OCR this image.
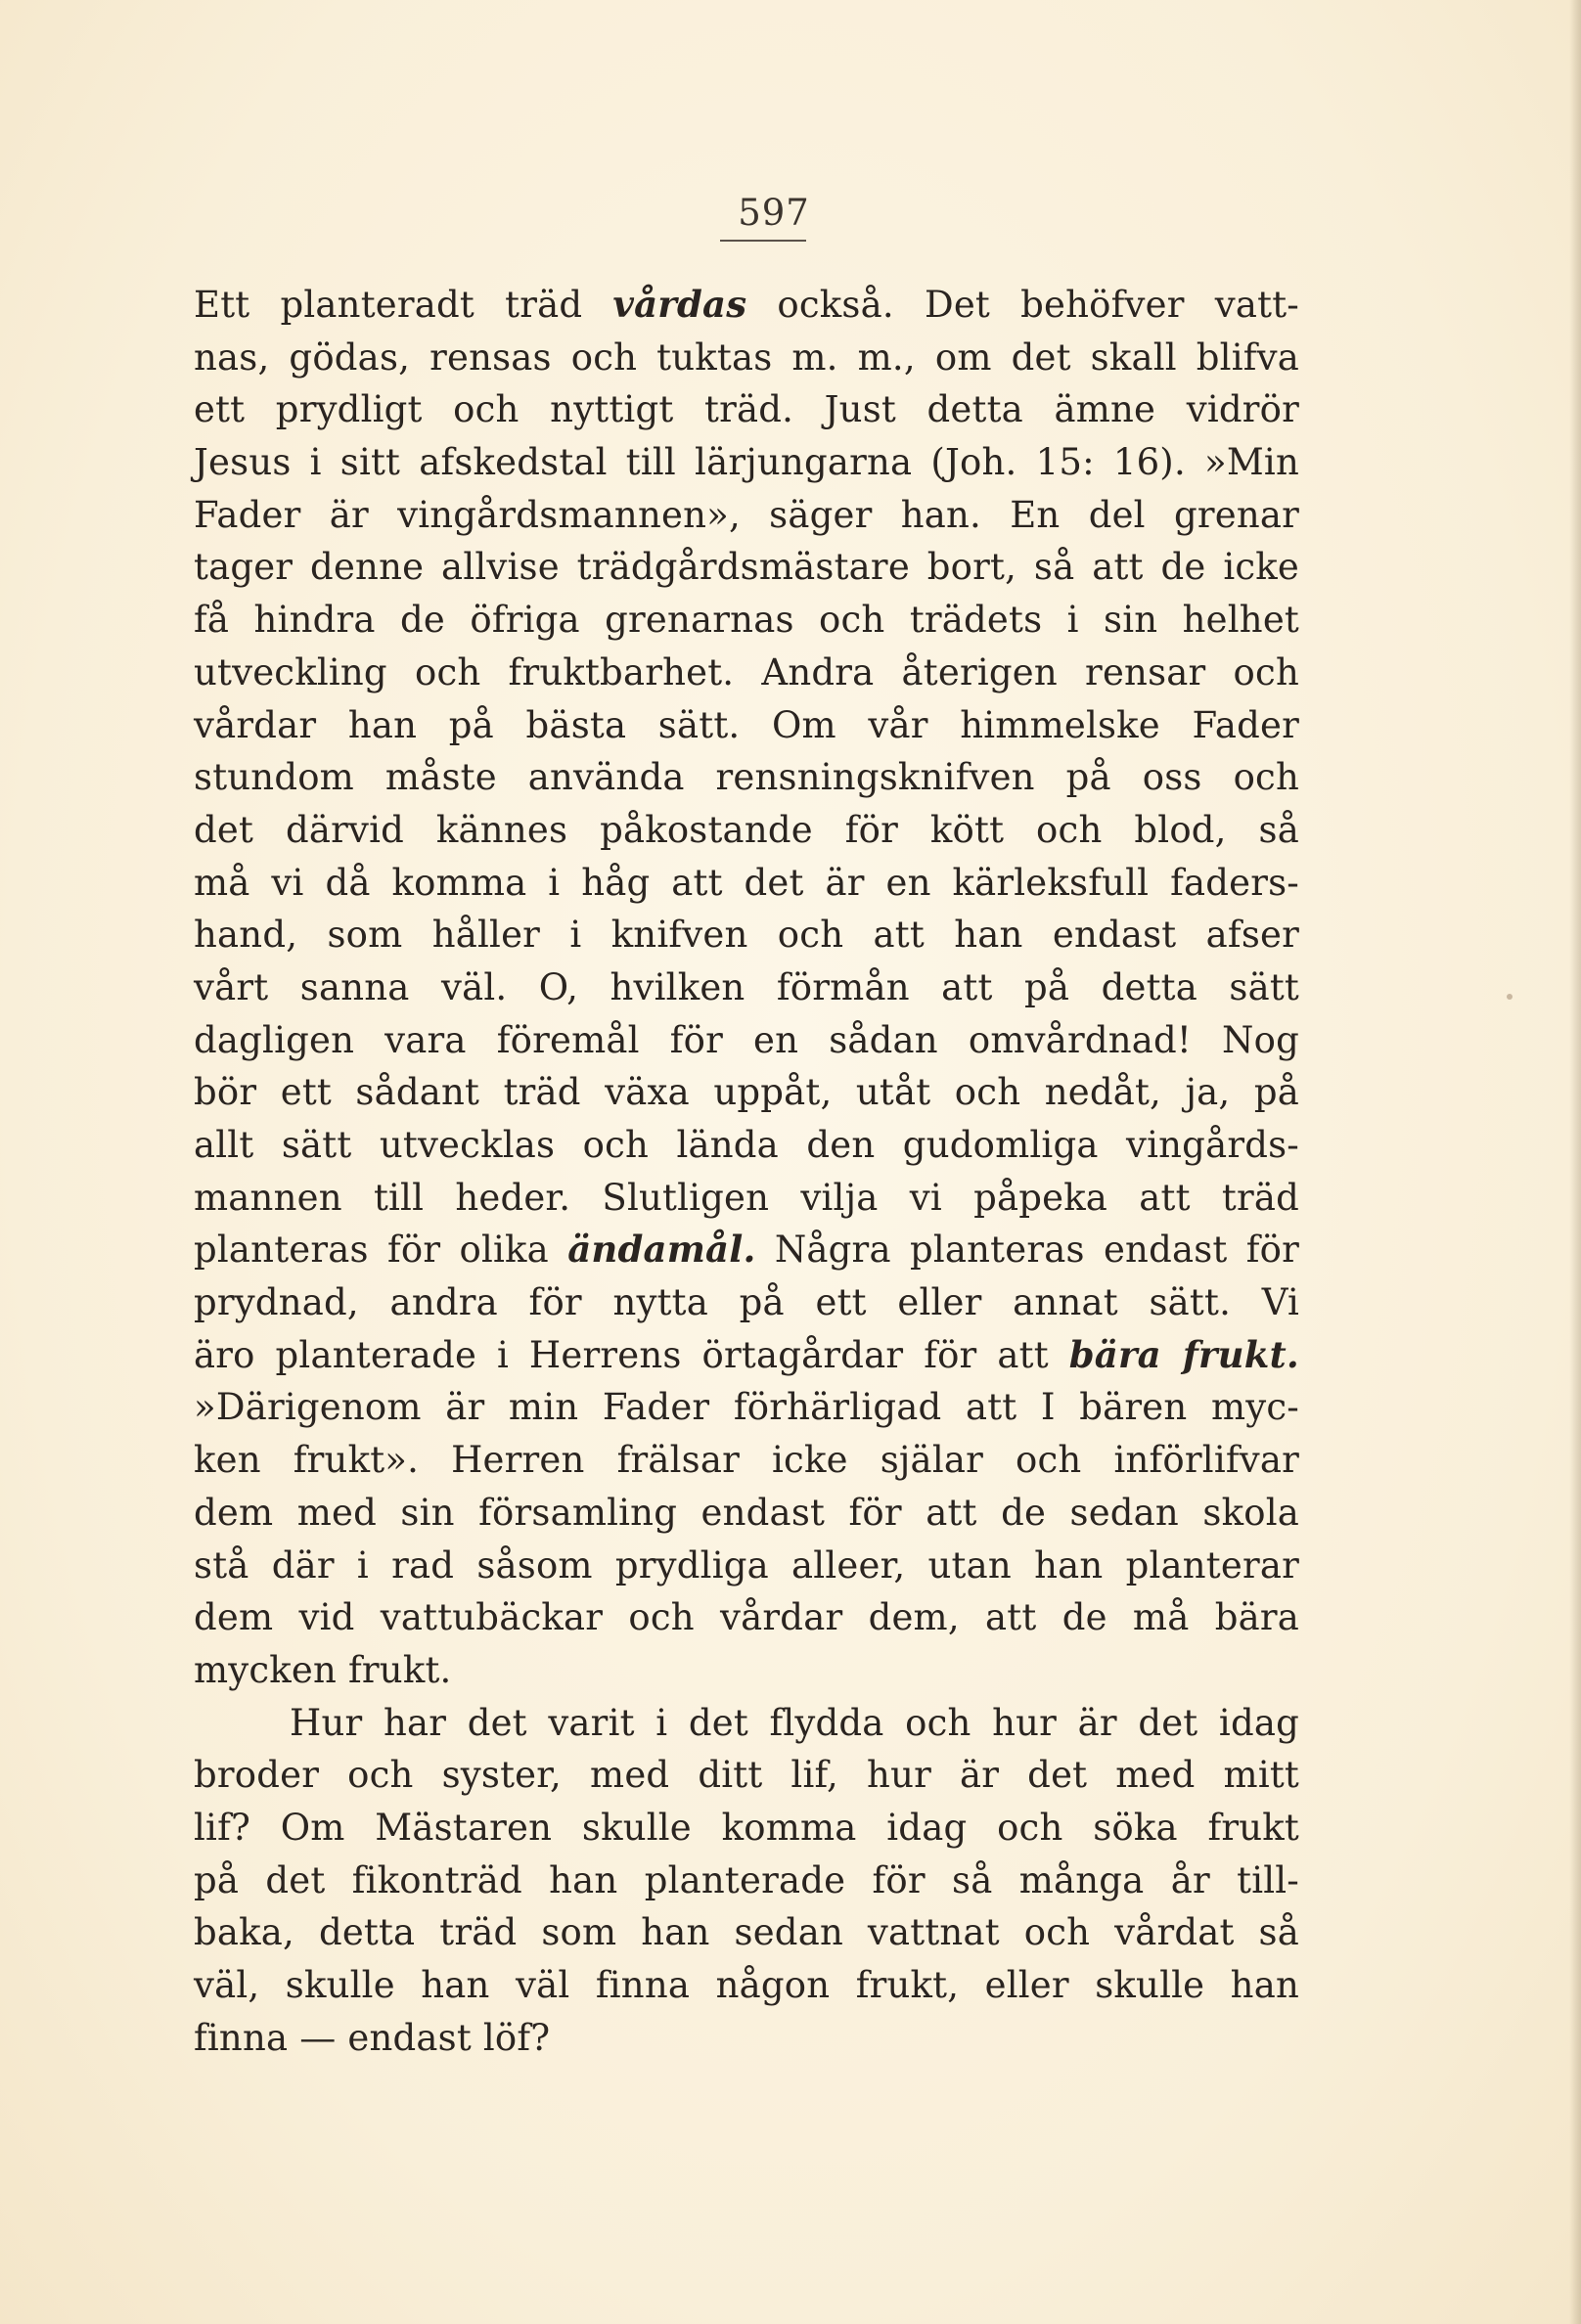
597
Ett planteradt träd vårdas också. Det behöfver vatt-
nas, gödas, rensas och tuktas m. m., om det skall blifva
ett prydligt och nyttigt träd. Just detta ämne vidrör
Jesus i sitt afskedstal till lärjungarna (Joh. 15: 16). »Min
Fader är vingårdsmannen», säger han. En del grenar
tager denne allvise trädgårdsmästare bort, så att de icke
få hindra de öfriga grenarnas och trädets i sin helhet
utveckling och fruktbarhet. Andra återigen rensar och
vårdar han på bästa sätt. Om vår himmelske Fader
stundom måste använda rensningsknifven på oss och
det därvid kännes påkostande för kött och blod, så
må vi då komma i håg att det är en kärleksfull faders-
hand, som håller i knifven och att han endast afser
vårt sanna väl. O, hvilken förmån att på detta sätt
dagligen vara föremål för en sådan omvårdnad! Nog
bör ett sådant träd växa uppåt, utåt och nedåt, ja, på
allt sätt utvecklas och lända den gudomliga vingårds-
mannen till heder. Slutligen vilja vi påpeka att träd
planteras för olika ändamål. Några planteras endast för
prydnad, andra för nytta på ett eller annat sätt. Vi
äro planterade i Herrens örtagårdar för att bära frukt.
»Därigenom är min Fader förhärligad att I bären myc-
ken frukt». Herren frälsar icke själar och införlifvar
dem med sin församling endast för att de sedan skola
stå där i rad såsom prydliga alleer, utan han planterar
dem vid vattubäckar och vårdar dem, att de må bära
mycken frukt.
Hur har det varit i det flydda och hur är det idag
broder och syster, med ditt lif, hur är det med mitt
lif? Om Mästaren skulle komma idag och söka frukt
på det fikonträd han planterade för så många år till-
baka, detta träd som han sedan vattnat och vårdat så
väl, skulle han väl finna någon frukt, eller skulle han
finna — endast löf?
